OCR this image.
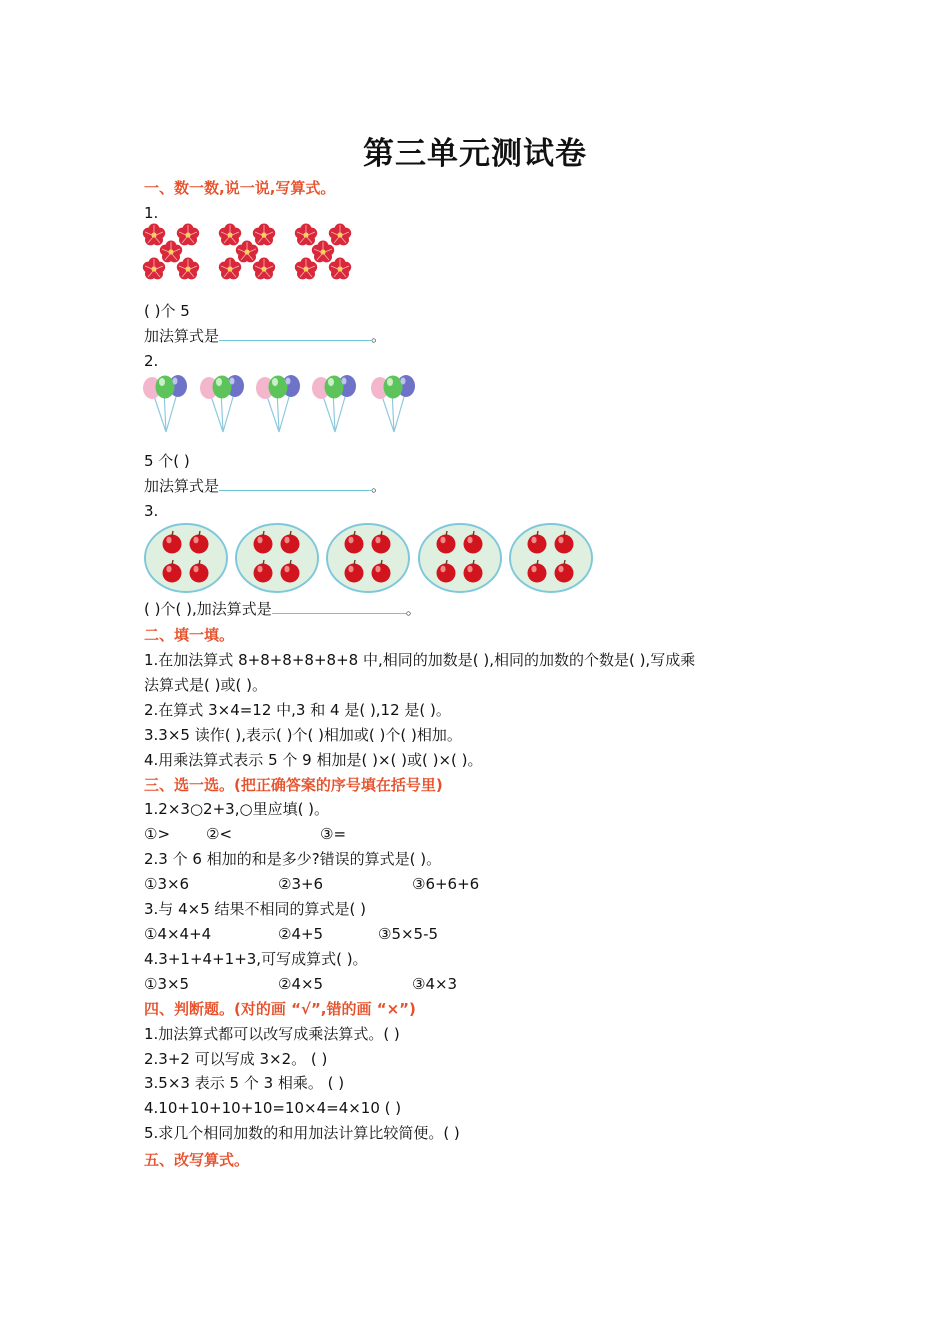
第三单元测试卷
一、数一数,说一说,写算式。
1.
( )个 5
加法算式是	。
2.
5 个( )
加法算式是	。
3.
( )个( ),加法算式是	。
二、填一填。
1.在加法算式 8+8+8+8+8+8 中,相同的加数是( ),相同的加数的个数是( ),写成乘
法算式是( )或( )。
2.在算式 3×4=12 中,3 和 4 是( ),12 是( )。
3.3×5 读作( ),表示( )个( )相加或( )个( )相加。
4.用乘法算式表示 5 个 9 相加是( )×( )或( )×( )。
三、选一选。(把正确答案的序号填在括号里)
1.2×3○2+3,○里应填( )。
①> ②<	③=
2.3 个 6 相加的和是多少?错误的算式是( )。
①3×6	②3+6	③6+6+6
3.与 4×5 结果不相同的算式是( )
①4×4+4	②4+5	③5×5-5
4.3+1+4+1+3,可写成算式( )。
①3×5	②4×5	③4×3
四、判断题。(对的画 “√”,错的画 “×”)
1.加法算式都可以改写成乘法算式。( )
2.3+2 可以写成 3×2。 ( )
3.5×3 表示 5 个 3 相乘。 ( )
4.10+10+10+10=10×4=4×10 ( )
5.求几个相同加数的和用加法计算比较简便。( )
五、改写算式。
